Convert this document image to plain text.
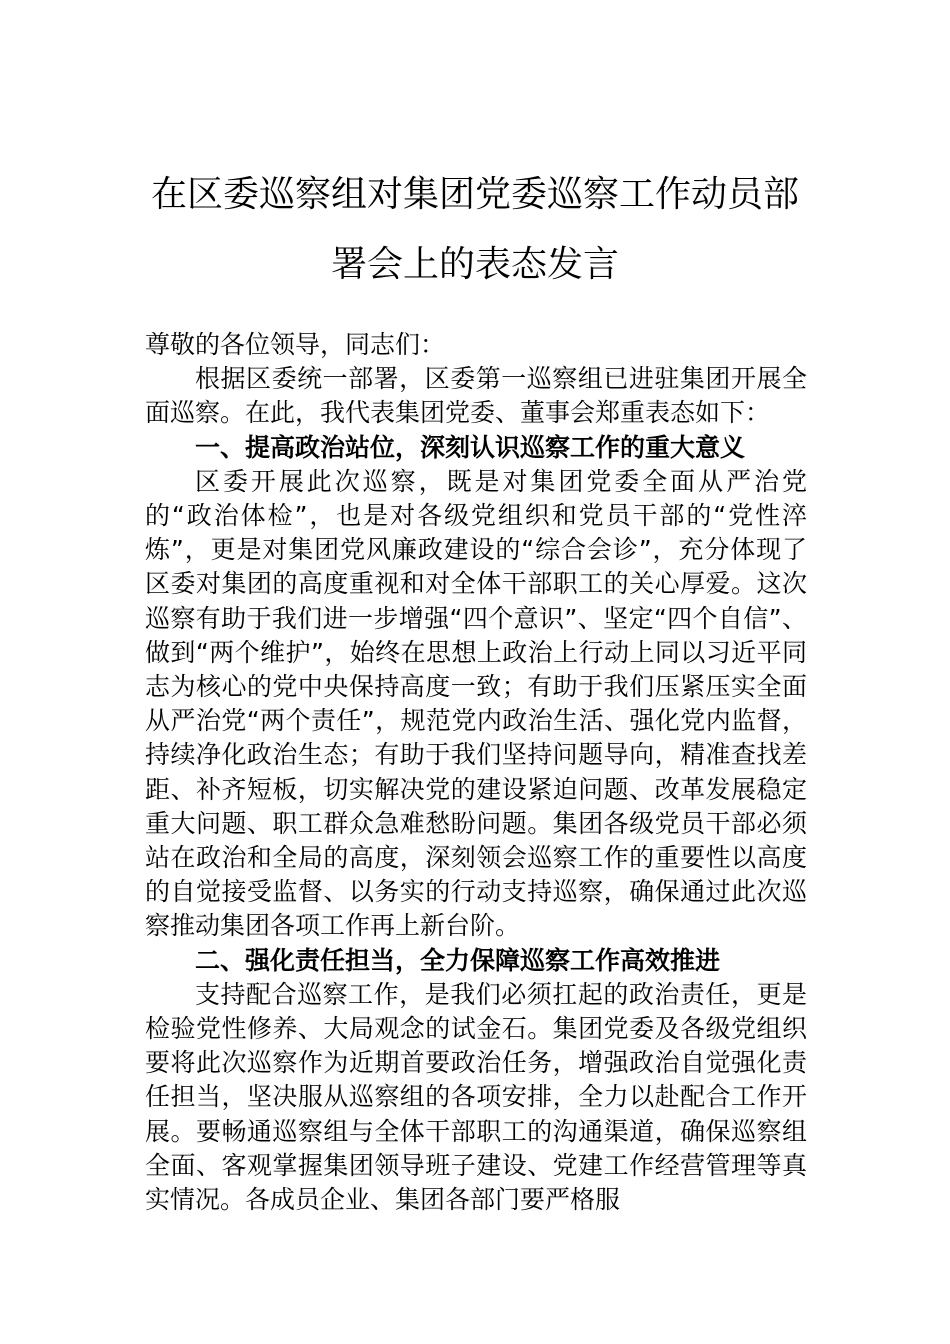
在区委巡察组对集团党委巡察工作动员部
署会上的表态发言

尊敬的各位领导，同志们：

根据区委统一部署，区委第一巡察组已进驻集团开展全面巡察。在此，我代表集团党委、董事会郑重表态如下：

一、提高政治站位，深刻认识巡察工作的重大意义

区委开展此次巡察，既是对集团党委全面从严治党的“政治体检”，也是对各级党组织和党员干部的“党性淬炼”，更是对集团党风廉政建设的“综合会诊”，充分体现了区委对集团的高度重视和对全体干部职工的关心厚爱。这次巡察有助于我们进一步增强“四个意识”、坚定“四个自信”、做到“两个维护”，始终在思想上政治上行动上同以习近平同志为核心的党中央保持高度一致；有助于我们压紧压实全面从严治党“两个责任”，规范党内政治生活、强化党内监督，持续净化政治生态；有助于我们坚持问题导向，精准查找差距、补齐短板，切实解决党的建设紧迫问题、改革发展稳定重大问题、职工群众急难愁盼问题。集团各级党员干部必须站在政治和全局的高度，深刻领会巡察工作的重要性以高度的自觉接受监督、以务实的行动支持巡察，确保通过此次巡察推动集团各项工作再上新台阶。

二、强化责任担当，全力保障巡察工作高效推进

支持配合巡察工作，是我们必须扛起的政治责任，更是检验党性修养、大局观念的试金石。集团党委及各级党组织要将此次巡察作为近期首要政治任务，增强政治自觉强化责任担当，坚决服从巡察组的各项安排，全力以赴配合工作开展。要畅通巡察组与全体干部职工的沟通渠道，确保巡察组全面、客观掌握集团领导班子建设、党建工作经营管理等真实情况。各成员企业、集团各部门要严格服
